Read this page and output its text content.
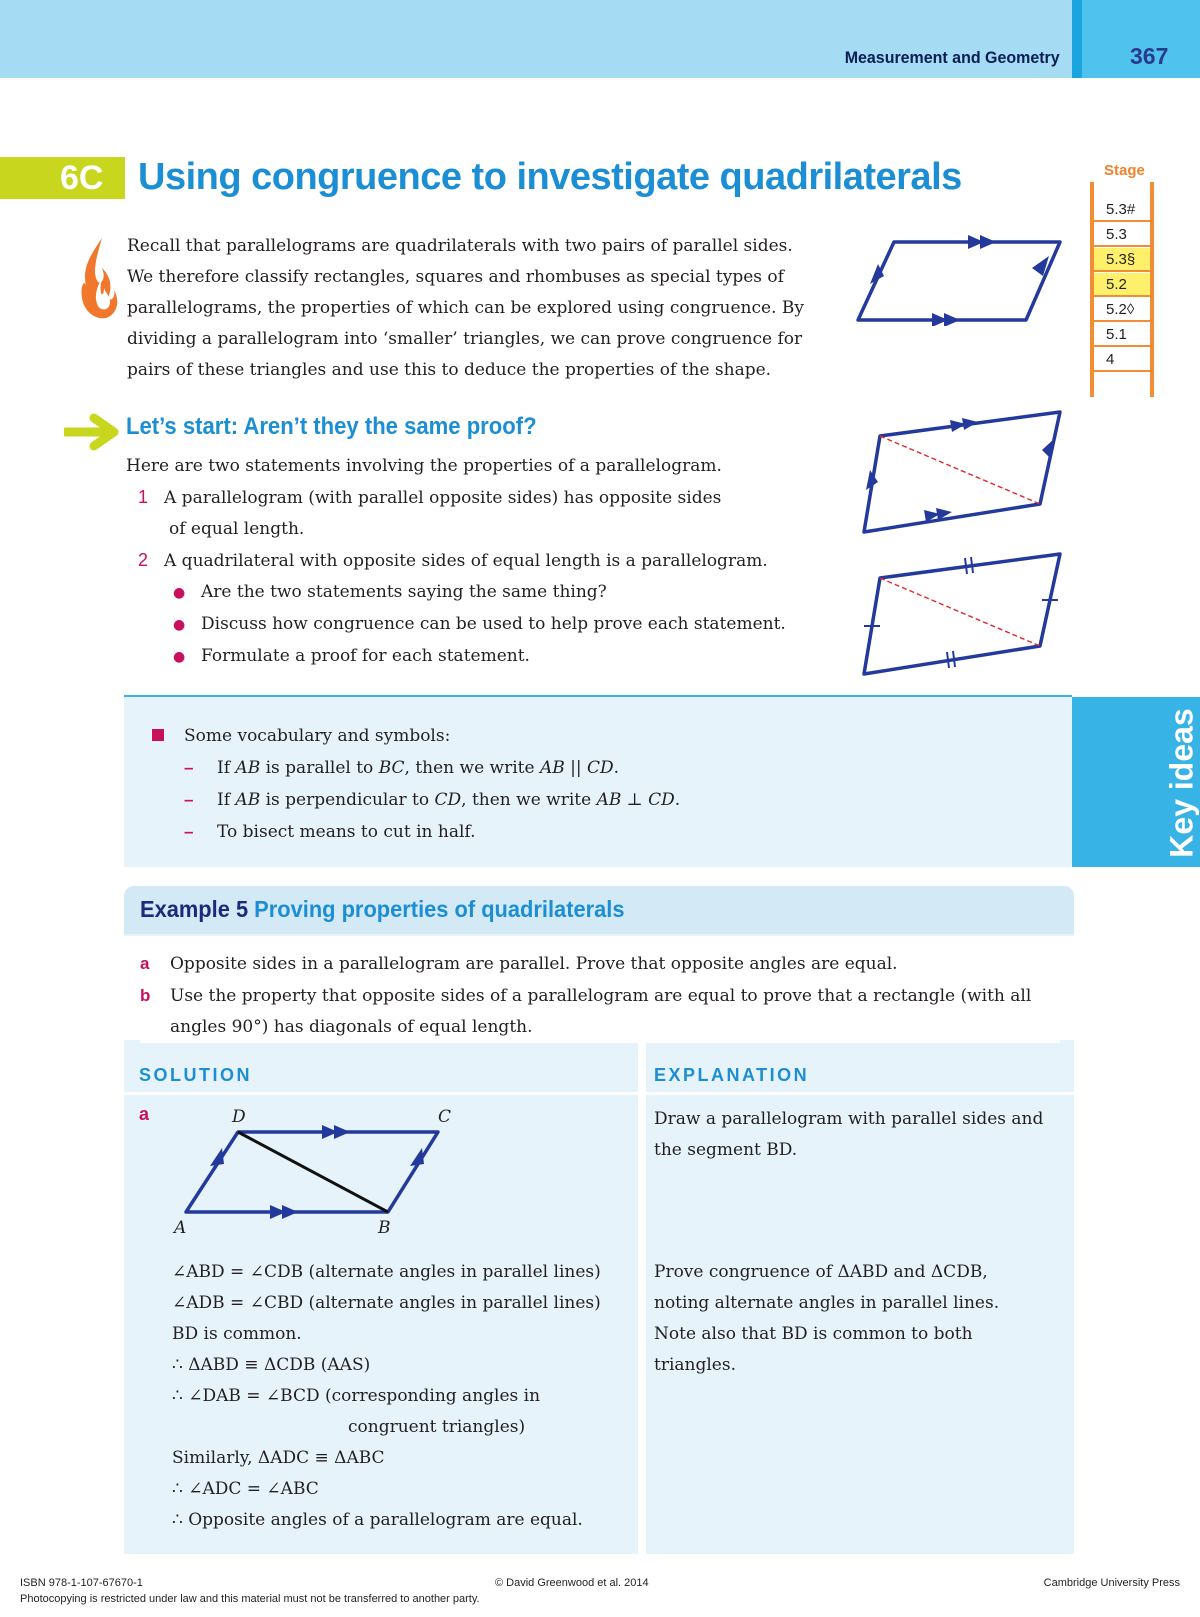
Measurement and Geometry	367
6C Using congruence to investigate quadrilaterals	Stage
5.3#
5.3
5.3§
5.2
5.2◊
5.1
4
Recall that parallelograms are quadrilaterals with two pairs of parallel sides.
We therefore classify rectangles, squares and rhombuses as special types of
parallelograms, the properties of which can be explored using congruence. By
dividing a parallelogram into ‘smaller’ triangles, we can prove congruence for
pairs of these triangles and use this to deduce the properties of the shape.
Let’s start: Aren’t they the same proof?
Here are two statements involving the properties of a parallelogram.
1 A parallelogram (with parallel opposite sides) has opposite sides
of equal length.
2 A quadrilateral with opposite sides of equal length is a parallelogram.
● Are the two statements saying the same thing?
● Discuss how congruence can be used to help prove each statement.
● Formulate a proof for each statement.
Key ideas
Some vocabulary and symbols:
– If AB is parallel to BC, then we write AB || CD.
– If AB is perpendicular to CD, then we write AB ⊥ CD.
– To bisect means to cut in half.
Example 5 Proving properties of quadrilaterals
a Opposite sides in a parallelogram are parallel. Prove that opposite angles are equal.
b Use the property that opposite sides of a parallelogram are equal to prove that a rectangle (with all
angles 90°) has diagonals of equal length.
SOLUTION	EXPLANATION
a	D	C
A	B
∠ABD = ∠CDB (alternate angles in parallel lines)
∠ADB = ∠CBD (alternate angles in parallel lines)
BD is common.
∴ ΔABD ≡ ΔCDB (AAS)
∴ ∠DAB = ∠BCD (corresponding angles in
congruent triangles)
Similarly, ΔADC ≡ ΔABC
∴ ∠ADC = ∠ABC
∴ Opposite angles of a parallelogram are equal.
Draw a parallelogram with parallel sides and
the segment BD.
Prove congruence of ΔABD and ΔCDB,
noting alternate angles in parallel lines.
Note also that BD is common to both
triangles.
ISBN 978-1-107-67670-1	© David Greenwood et al. 2014	Cambridge University Press
Photocopying is restricted under law and this material must not be transferred to another party.
